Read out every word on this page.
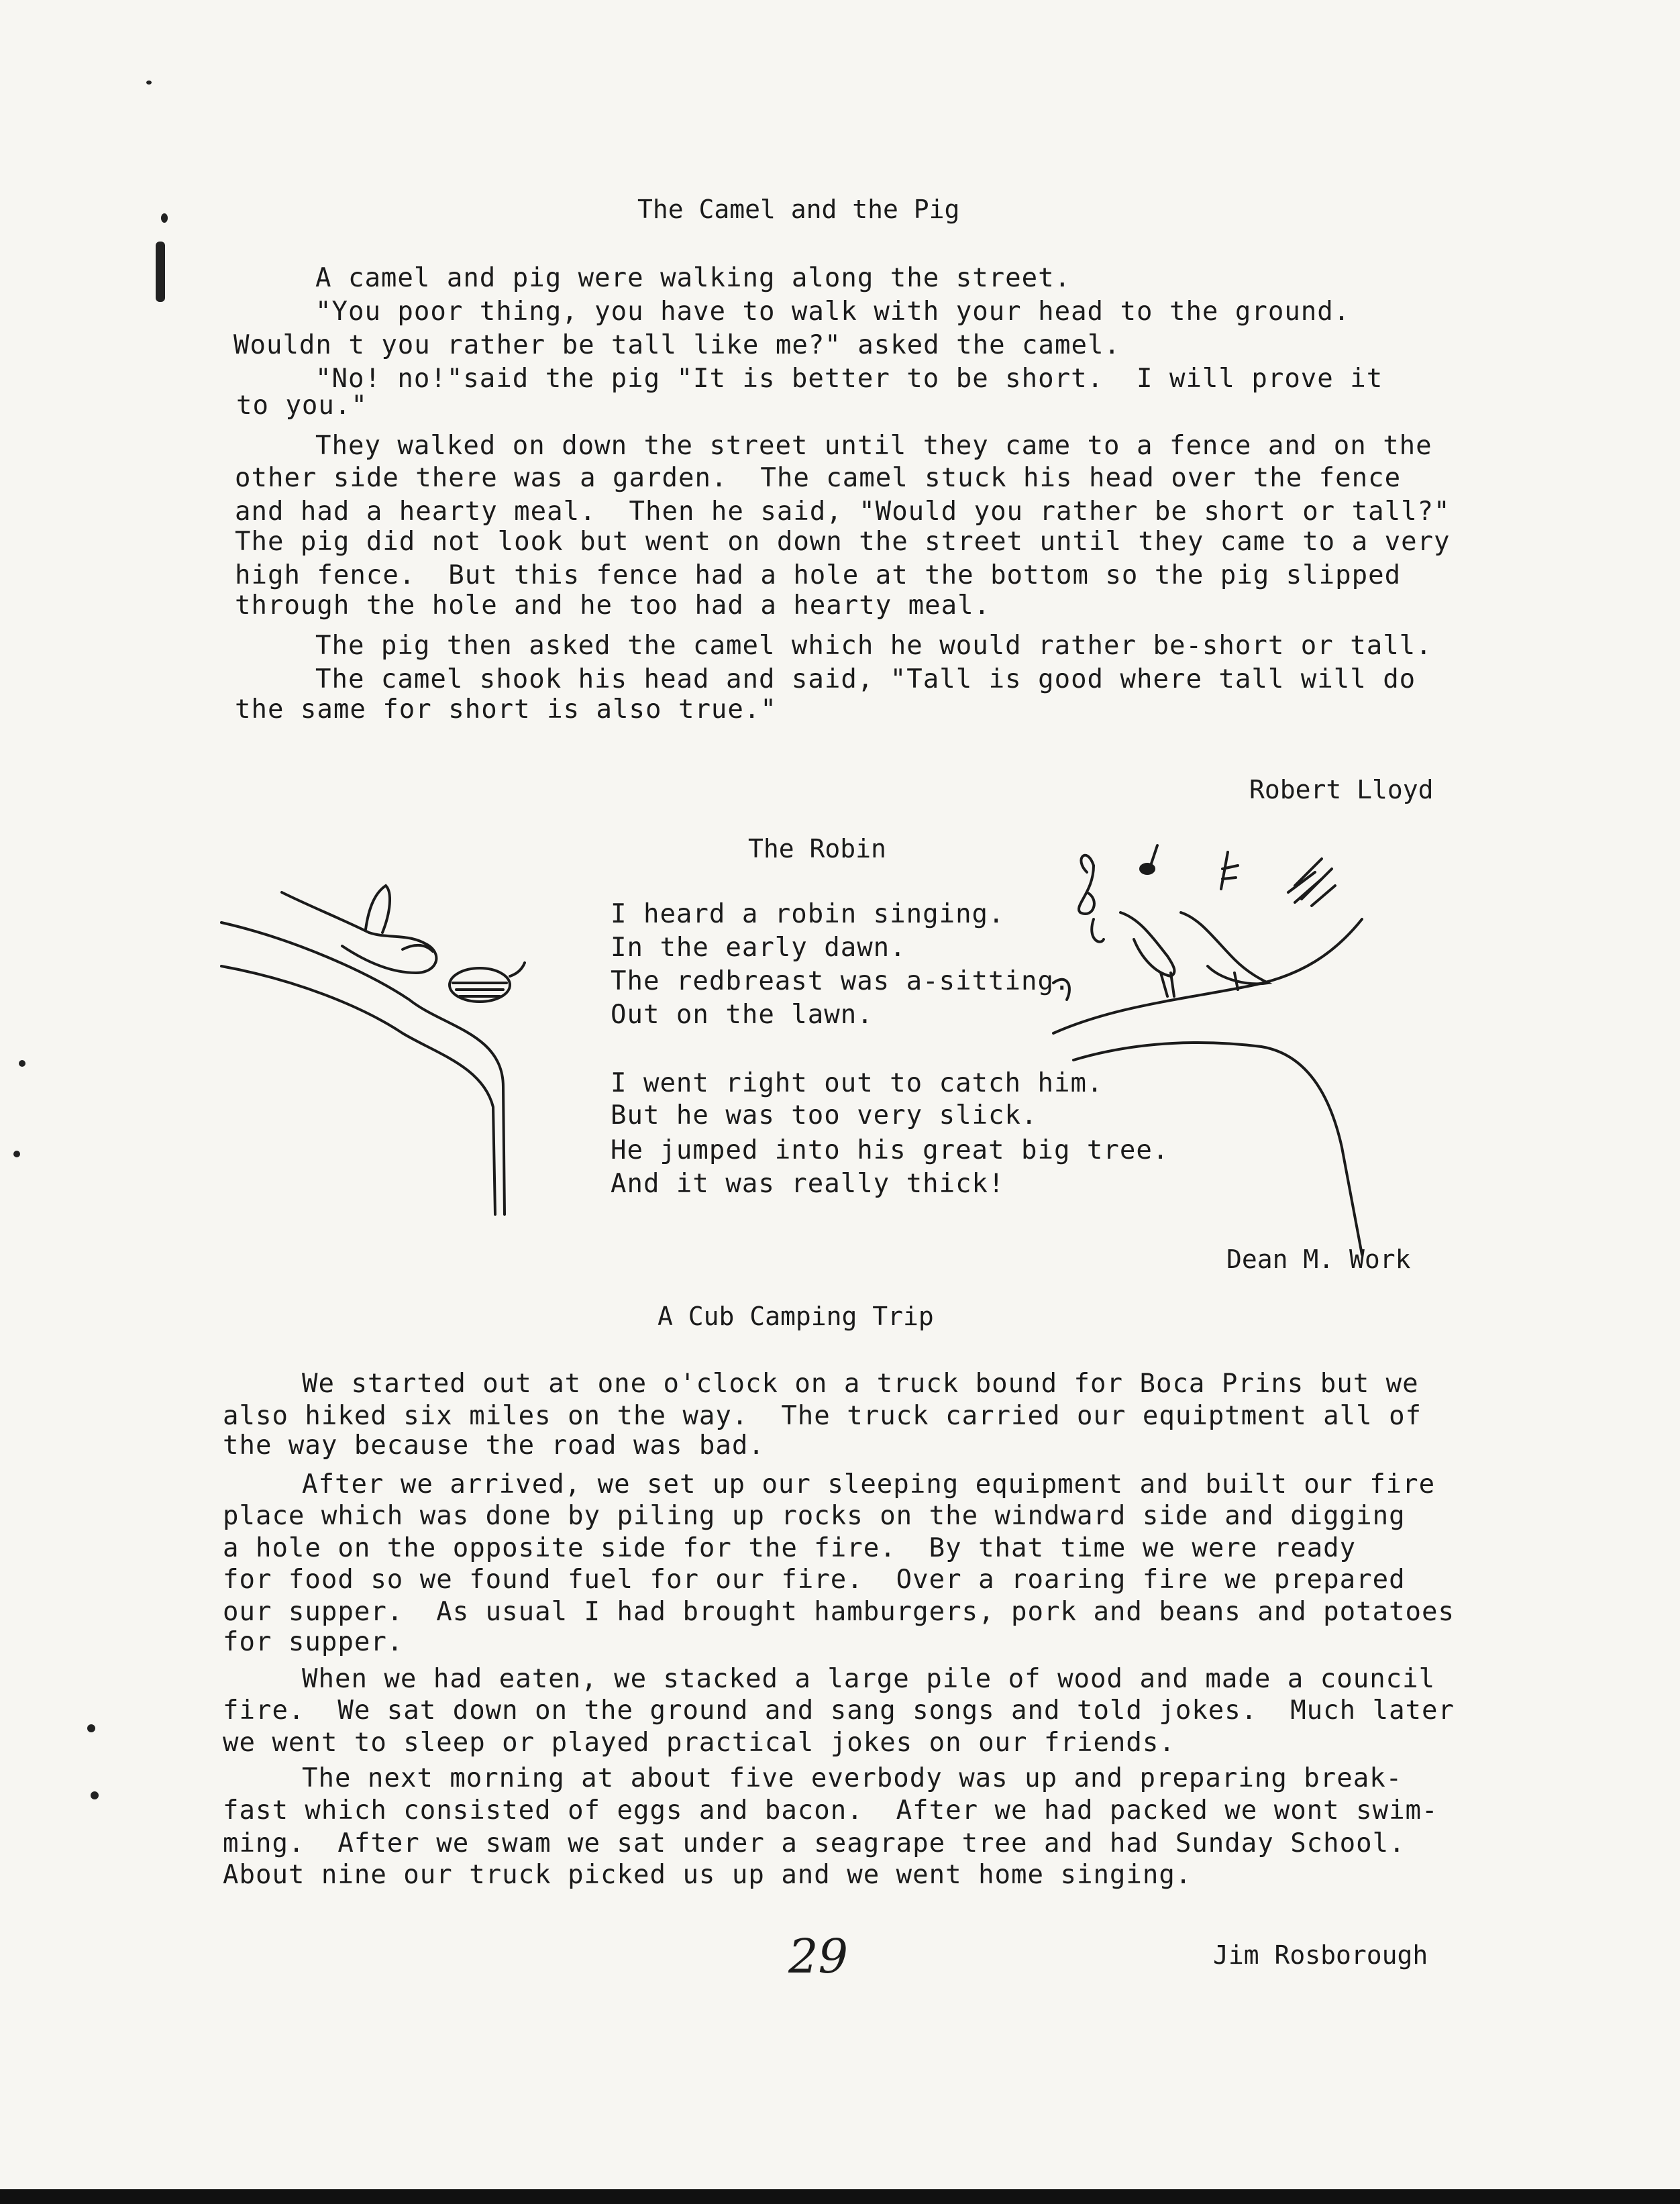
The Camel and the Pig
A camel and pig were walking along the street.
"You poor thing, you have to walk with your head to the ground.
Wouldn t you rather be tall like me?" asked the camel.
"No! no!"said the pig "It is better to be short.  I will prove it
to you."
They walked on down the street until they came to a fence and on the
other side there was a garden.  The camel stuck his head over the fence
and had a hearty meal.  Then he said, "Would you rather be short or tall?"
The pig did not look but went on down the street until they came to a very
high fence.  But this fence had a hole at the bottom so the pig slipped
through the hole and he too had a hearty meal.
The pig then asked the camel which he would rather be-short or tall.
The camel shook his head and said, "Tall is good where tall will do
the same for short is also true."
Robert Lloyd
The Robin
I heard a robin singing.
In the early dawn.
The redbreast was a-sitting.
Out on the lawn.
I went right out to catch him.
But he was too very slick.
He jumped into his great big tree.
And it was really thick!
Dean M. Work
A Cub Camping Trip
We started out at one o'clock on a truck bound for Boca Prins but we
also hiked six miles on the way.  The truck carried our equiptment all of
the way because the road was bad.
After we arrived, we set up our sleeping equipment and built our fire
place which was done by piling up rocks on the windward side and digging
a hole on the opposite side for the fire.  By that time we were ready
for food so we found fuel for our fire.  Over a roaring fire we prepared
our supper.  As usual I had brought hamburgers, pork and beans and potatoes
for supper.
When we had eaten, we stacked a large pile of wood and made a council
fire.  We sat down on the ground and sang songs and told jokes.  Much later
we went to sleep or played practical jokes on our friends.
The next morning at about five everbody was up and preparing break-
fast which consisted of eggs and bacon.  After we had packed we wont swim-
ming.  After we swam we sat under a seagrape tree and had Sunday School.
About nine our truck picked us up and we went home singing.
29	Jim Rosborough
